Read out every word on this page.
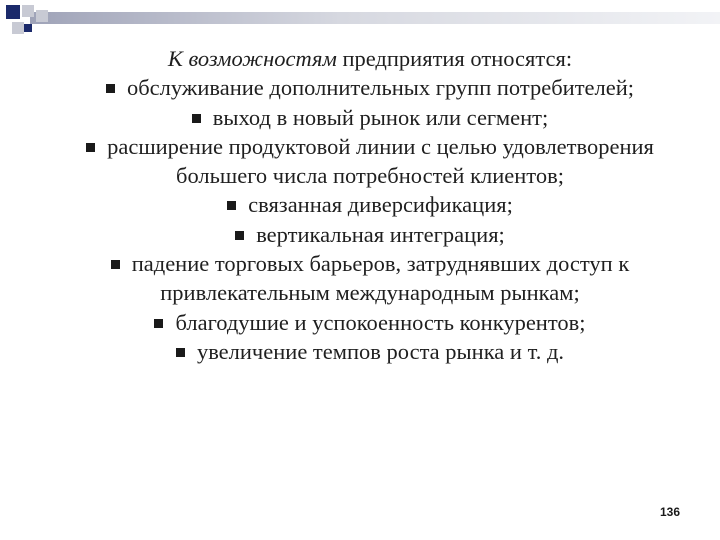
К возможностям предприятия относятся:

обслуживание дополнительных групп потребителей;

выход в новый рынок или сегмент;

расширение продуктовой линии с целью удовлетворения большего числа потребностей клиентов;

связанная диверсификация;

вертикальная интеграция;

падение торговых барьеров, затруднявших доступ к привлекательным международным рынкам;

благодушие и успокоенность конкурентов;

увеличение темпов роста рынка и т. д.

136
